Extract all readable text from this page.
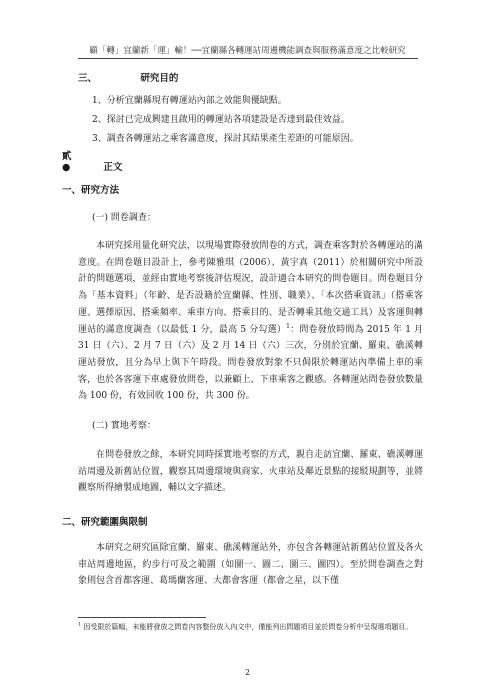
顧「轉」宜蘭新「運」輸！──宜蘭縣各轉運站周邊機能調查與服務滿意度之比較研究
三、	研究目的
1、分析宜蘭縣現有轉運站內部之效能與優缺點。
2、探討已完成興建且啟用的轉運站各項建設是否達到最佳效益。
3、調查各轉運站之乘客滿意度，探討其結果產生差距的可能原因。
貳●	正文
一、研究方法
(一) 問卷調查：

本研究採用量化研究法，以現場實際發放問卷的方式，調查乘客對於各轉運站的滿意度。在問卷題目設計上，參考陳雅琪（2006）、黃宇真（2011）於相關研究中所設計的問題選項，並經由實地考察後評估現況，設計適合本研究的問卷題目。問卷題目分為「基本資料」（年齡、是否設籍於宜蘭縣、性別、職業）、「本次搭乘資訊」（搭乘客運、選擇原因、搭乘頻率、乘車方向、搭乘目的、是否轉乘其他交通工具）及客運與轉運站的滿意度調查（以最低 1 分，最高 5 分勾選）$^1$：問卷發放時間為 2015 年 1 月 31 日（六）、2 月 7 日（六）及 2 月 14 日（六）三次，分別於宜蘭、羅東、礁溪轉運站發放，且分為早上與下午時段。問卷發放對象不只侷限於轉運站內準備上車的乘客，也於各客運下車處發放問卷，以兼顧上、下車乘客之觀感。各轉運站問卷發放數量為 100 份，有效回收 100 份，共 300 份。

(二) 實地考察：

在問卷發放之餘，本研究同時採實地考察的方式，親自走訪宜蘭、羅東、礁溪轉運站周邊及新舊站位置，觀察其周邊環境與商家、火車站及鄰近景點的接駁規劃等，並將觀察所得繪製成地圖，輔以文字描述。

二、研究範圍與限制

本研究之研究區除宜蘭、羅東、礁溪轉運站外，亦包含各轉運站新舊站位置及各火車站周邊地區，約步行可及之範圍（如圖一、圖二、圖三、圖四）。至於問卷調查之對象則包含首都客運、葛瑪蘭客運、大都會客運（都會之星，以下僅

$^1$ 因受限於篇幅，未能將發放之問卷內容整份放入內文中，僅能列出問題項目並於問卷分析中呈現選項題目。
2
